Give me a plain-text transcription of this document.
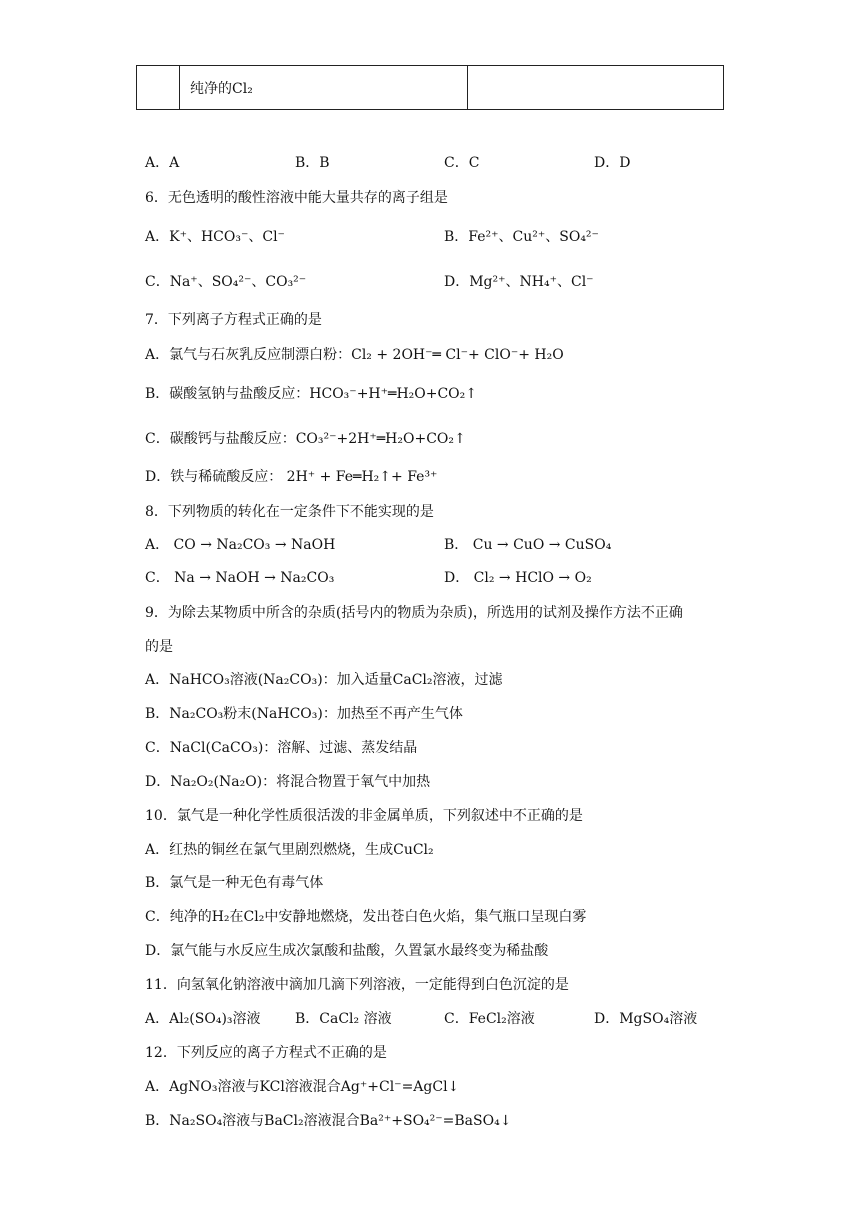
纯净的Cl₂
A．A	B．B	C．C	D．D
6．无色透明的酸性溶液中能大量共存的离子组是
A．K⁺、HCO₃⁻、Cl⁻	B．Fe²⁺、Cu²⁺、SO₄²⁻
C．Na⁺、SO₄²⁻、CO₃²⁻	D．Mg²⁺、NH₄⁺、Cl⁻
7．下列离子方程式正确的是
A．氯气与石灰乳反应制漂白粉：Cl₂ + 2OH⁻═ Cl⁻+ ClO⁻+ H₂O
B．碳酸氢钠与盐酸反应：HCO₃⁻+H⁺═H₂O+CO₂↑
C．碳酸钙与盐酸反应：CO₃²⁻+2H⁺═H₂O+CO₂↑
D．铁与稀硫酸反应： 2H⁺ + Fe═H₂↑+ Fe³⁺
8．下列物质的转化在一定条件下不能实现的是
A． CO → Na₂CO₃ → NaOH	B． Cu → CuO → CuSO₄
C． Na → NaOH → Na₂CO₃	D． Cl₂ → HClO → O₂
9．为除去某物质中所含的杂质(括号内的物质为杂质)，所选用的试剂及操作方法不正确
的是
A．NaHCO₃溶液(Na₂CO₃)：加入适量CaCl₂溶液，过滤
B．Na₂CO₃粉末(NaHCO₃)：加热至不再产生气体
C．NaCl(CaCO₃)：溶解、过滤、蒸发结晶
D．Na₂O₂(Na₂O)：将混合物置于氧气中加热
10．氯气是一种化学性质很活泼的非金属单质，下列叙述中不正确的是
A．红热的铜丝在氯气里剧烈燃烧，生成CuCl₂
B．氯气是一种无色有毒气体
C．纯净的H₂在Cl₂中安静地燃烧，发出苍白色火焰，集气瓶口呈现白雾
D．氯气能与水反应生成次氯酸和盐酸，久置氯水最终变为稀盐酸
11．向氢氧化钠溶液中滴加几滴下列溶液，一定能得到白色沉淀的是
A．Al₂(SO₄)₃溶液 B．CaCl₂ 溶液	C．FeCl₂溶液	D．MgSO₄溶液
12．下列反应的离子方程式不正确的是
A．AgNO₃溶液与KCl溶液混合Ag⁺+Cl⁻=AgCl↓
B．Na₂SO₄溶液与BaCl₂溶液混合Ba²⁺+SO₄²⁻=BaSO₄↓
